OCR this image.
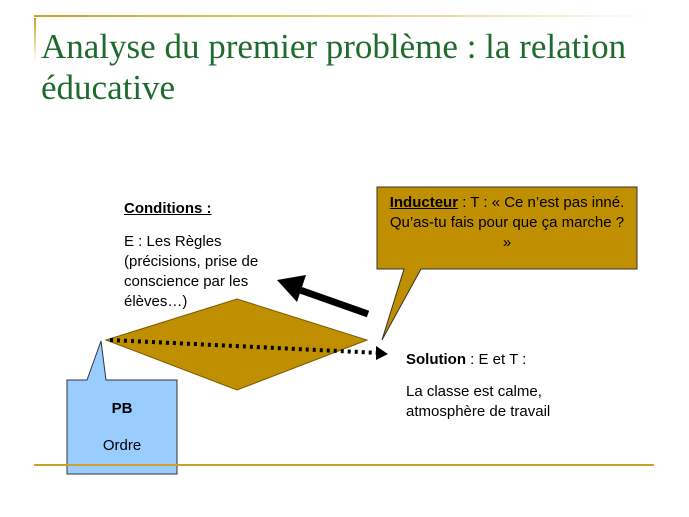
Analyse du premier problème : la relation éducative
Conditions :
E : Les Règles (précisions, prise de conscience par les élèves…)
Inducteur : T : « Ce n’est pas inné. Qu’as-tu fais pour que ça marche ? »
Solution : E et T :
La classe est calme, atmosphère de travail
PB
Ordre
